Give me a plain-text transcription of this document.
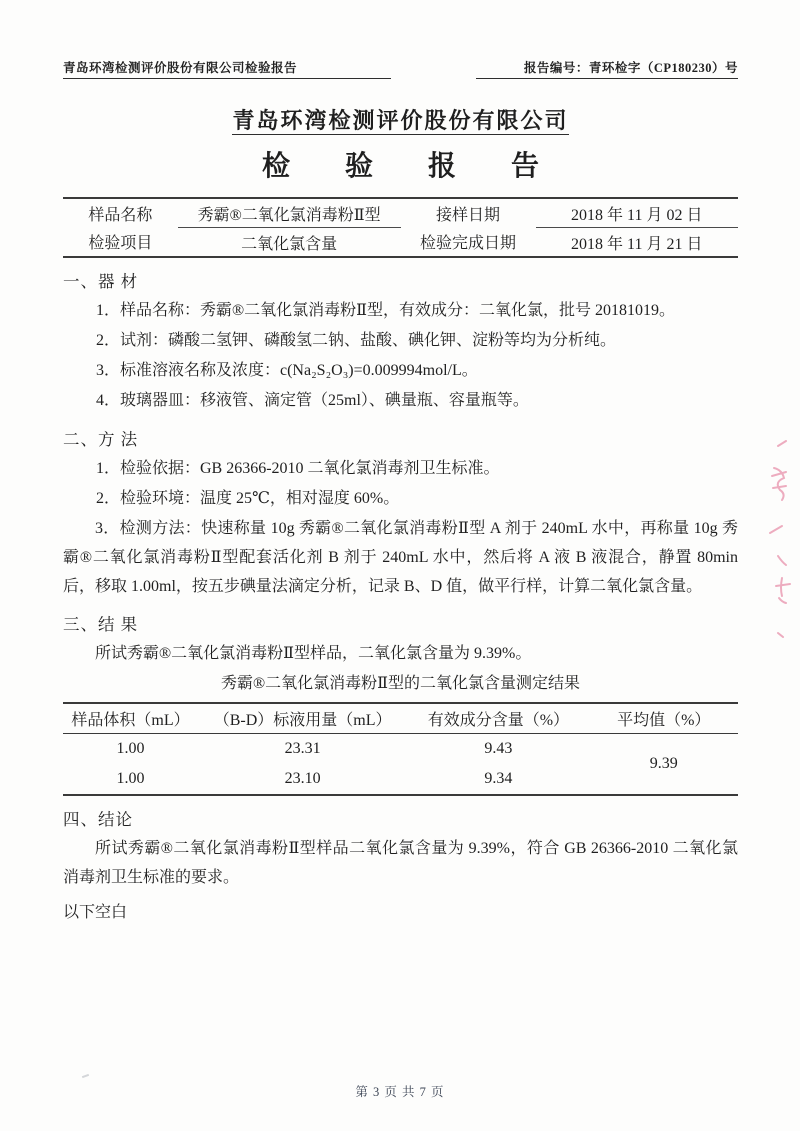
青岛环湾检测评价股份有限公司检验报告	报告编号：青环检字（CP180230）号
青岛环湾检测评价股份有限公司
检 验 报 告
样品名称	秀霸®二氧化氯消毒粉Ⅱ型	接样日期	2018 年 11 月 02 日
检验项目	二氧化氯含量	检验完成日期	2018 年 11 月 21 日
一、器 材
1．样品名称：秀霸®二氧化氯消毒粉Ⅱ型，有效成分：二氧化氯，批号 20181019。
2．试剂：磷酸二氢钾、磷酸氢二钠、盐酸、碘化钾、淀粉等均为分析纯。
3．标准溶液名称及浓度：c(Na₂S₂O₃)=0.009994mol/L。
4．玻璃器皿：移液管、滴定管（25ml）、碘量瓶、容量瓶等。
二、方 法
1．检验依据：GB 26366-2010 二氧化氯消毒剂卫生标准。
2．检验环境：温度 25℃，相对湿度 60%。

3．检测方法：快速称量 10g 秀霸®二氧化氯消毒粉Ⅱ型 A 剂于 240mL 水中，再称量 10g 秀霸®二氧化氯消毒粉Ⅱ型配套活化剂 B 剂于 240mL 水中，然后将 A 液 B 液混合，静置 80min 后，移取 1.00ml，按五步碘量法滴定分析，记录 B、D 值，做平行样，计算二氧化氯含量。

三、结 果

所试秀霸®二氧化氯消毒粉Ⅱ型样品，二氧化氯含量为 9.39%。

秀霸®二氧化氯消毒粉Ⅱ型的二氧化氯含量测定结果
样品体积（mL）	（B-D）标液用量（mL）	有效成分含量（%）	平均值（%）
1.00	23.31	9.43	9.39
1.00	23.10	9.34	
四、结论

所试秀霸®二氧化氯消毒粉Ⅱ型样品二氧化氯含量为 9.39%，符合 GB 26366-2010 二氧化氯消毒剂卫生标准的要求。

以下空白
第 3 页 共 7 页
